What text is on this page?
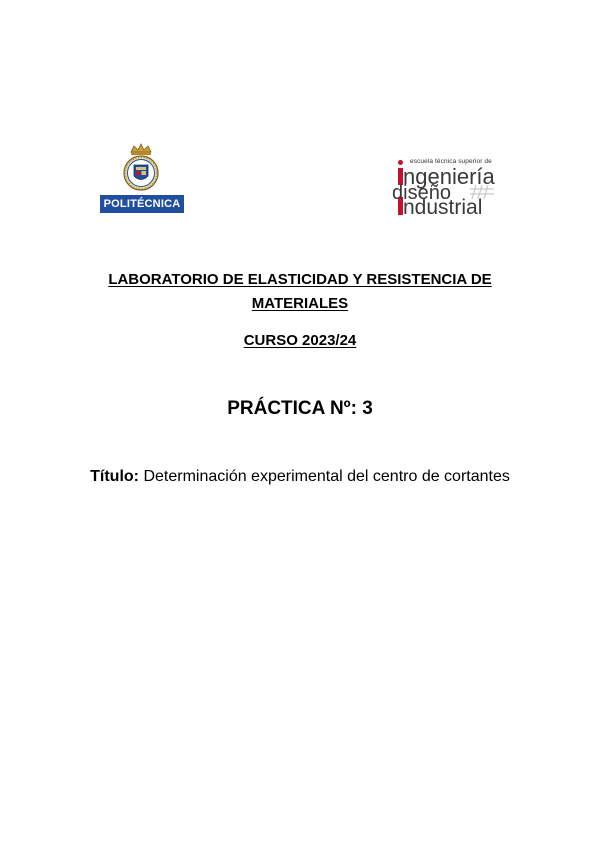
POLITÉCNICA
escuela técnica superior de
ngeniería
diseño
ndustrial
LABORATORIO DE ELASTICIDAD Y RESISTENCIA DE MATERIALES
CURSO 2023/24
PRÁCTICA Nº: 3
Título: Determinación experimental del centro de cortantes
